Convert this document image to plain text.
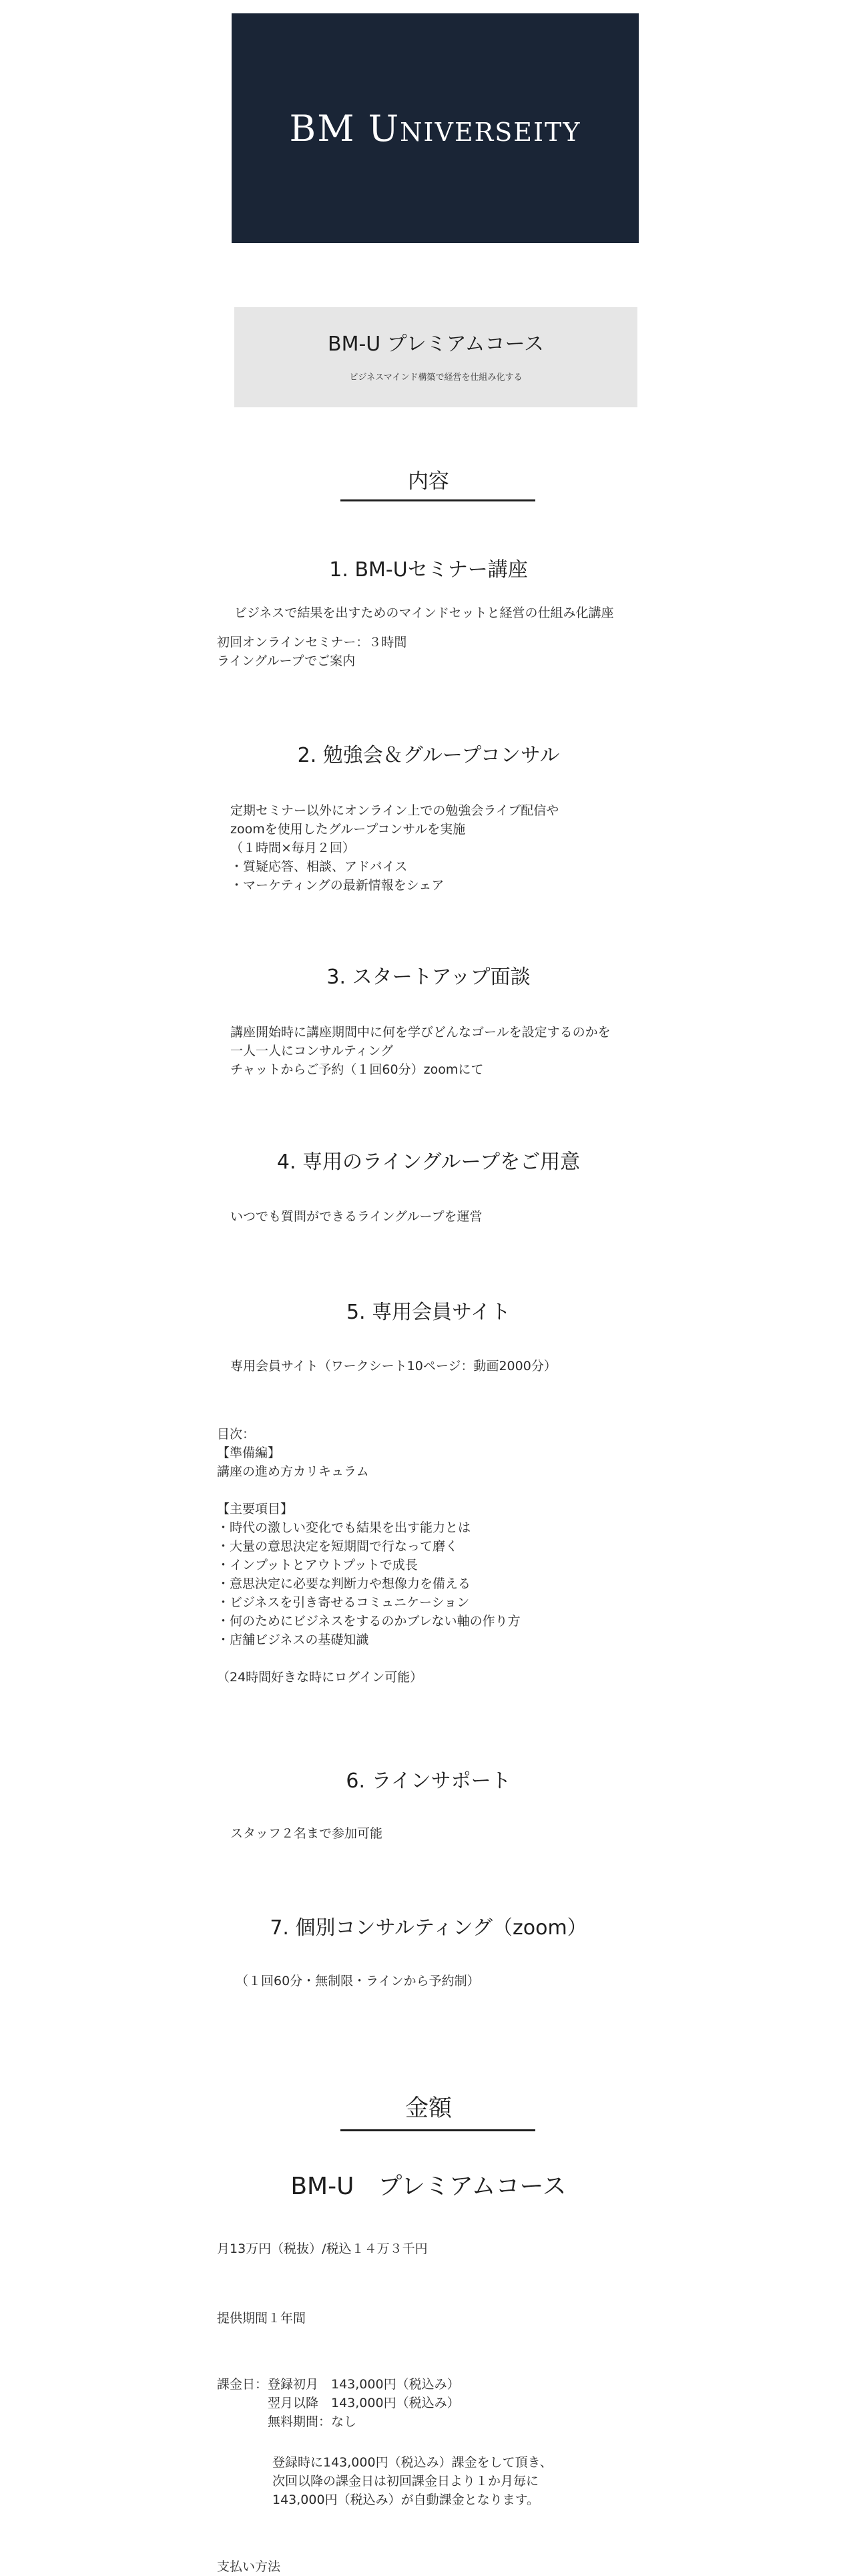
BM Univer️seity
BM-U プレミアムコース
ビジネスマインド構築で経営を仕組み化する
内容
1. BM-Uセミナー講座
ビジネスで結果を出すためのマインドセットと経営の仕組み化講座
初回オンラインセミナー：３時間
ライングループでご案内
2. 勉強会＆グループコンサル
定期セミナー以外にオンライン上での勉強会ライブ配信や
zoomを使用したグループコンサルを実施
（１時間×毎月２回）
・質疑応答、相談、アドバイス
・マーケティングの最新情報をシェア
3. スタートアップ面談
講座開始時に講座期間中に何を学びどんなゴールを設定するのかを
一人一人にコンサルティング
チャットからご予約（１回60分）zoomにて
4. 専用のライングループをご用意
いつでも質問ができるライングループを運営
5. 専用会員サイト
専用会員サイト（ワークシート10ページ：動画2000分）
目次：
【準備編】
講座の進め方カリキュラム

【主要項目】
・時代の激しい変化でも結果を出す能力とは
・大量の意思決定を短期間で行なって磨く
・インプットとアウトプットで成長
・意思決定に必要な判断力や想像力を備える
・ビジネスを引き寄せるコミュニケーション
・何のためにビジネスをするのかブレない軸の作り方
・店舗ビジネスの基礎知識

（24時間好きな時にログイン可能）
6. ラインサポート
スタッフ２名まで参加可能
7. 個別コンサルティング（zoom）
（１回60分・無制限・ラインから予約制）
金額
BM-U　プレミアムコース
月13万円（税抜）/税込１４万３千円
提供期間１年間
課金日：登録初月　143,000円（税込み）
　　　　翌月以降　143,000円（税込み）
　　　　無料期間：なし
登録時に143,000円（税込み）課金をして頂き、
次回以降の課金日は初回課金日より１か月毎に
143,000円（税込み）が自動課金となります。
支払い方法
